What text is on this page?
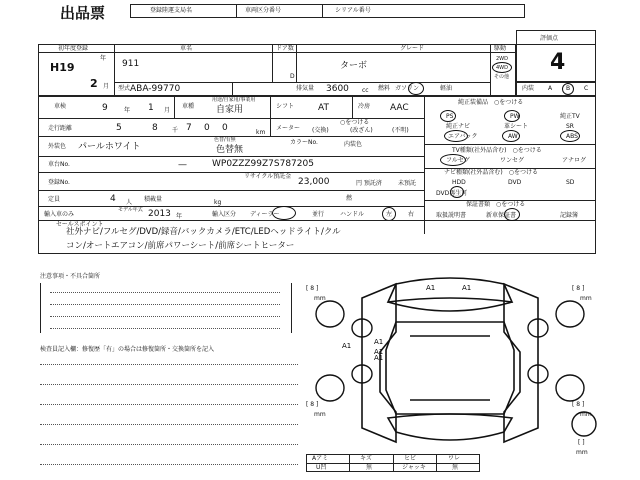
出品票	登録陸運支局名	車両区分番号	シリアル番号
初年度登録
H19
年
2 月
車名
911
ドア数
D
グレード
ターボ
駆動
2WD
4WD
その他
型式 ABA-99770	排気量 3600 cc 燃料 ガソリン	軽油
評価点
4
内装 A B C
車検	9	年 1 月
車種
用途/自家用/事業用
自家用	シフト	AT	冷房 AAC
走行距離	5	8 千 7 0 0	km
メーター
○をつける
(交換)	(改ざん)	(不明)
外装色 パールホワイト
色替/有無
色替無
カラーNo.	内装色
車台No.	—	WP0ZZZ99Z7S787205
登録No.
リサイクル預託金
23,000	円 預託済	未預託
定員	4 人 積載量	kg
燃
輸入車のみ
モデル年式 2013 年	輸入区分 ディーラー	並行	ハンドル	左	右
セールスポイント
社外ナビ/フルセグ/DVD/録音/バックカメラ/ETC/LEDヘッドライト/クル
コン/オートエアコン/前席パワーシート/前席シートヒーター
純正装備品　 ○をつける
PS	PW	純正TV
純正ナビ	革シート	SR
エアバック	AW	ABS
TV種類(社外品含む)　 ○をつける
フルセグ	ワンセグ	アナログ
ナビ種類(社外品含む)　 ○をつける
HDD	DVD	SD
DVD再生可
保証書類　 ○をつける
取扱説明書	新車保証書	記録簿
注意事項・不具合箇所
検査員記入欄：修復歴「有」の場合は修復箇所・交換箇所を記入
A1	A1
A1
A1
A1
A1
[ 8 ]
mm
[ 8 ]
mm
[ 8 ]
mm
[ 8 ]
mm
[ ]
mm
Aアミ	キズ	ヒビ	ワレ
U凹	無	ジャッキ	無
